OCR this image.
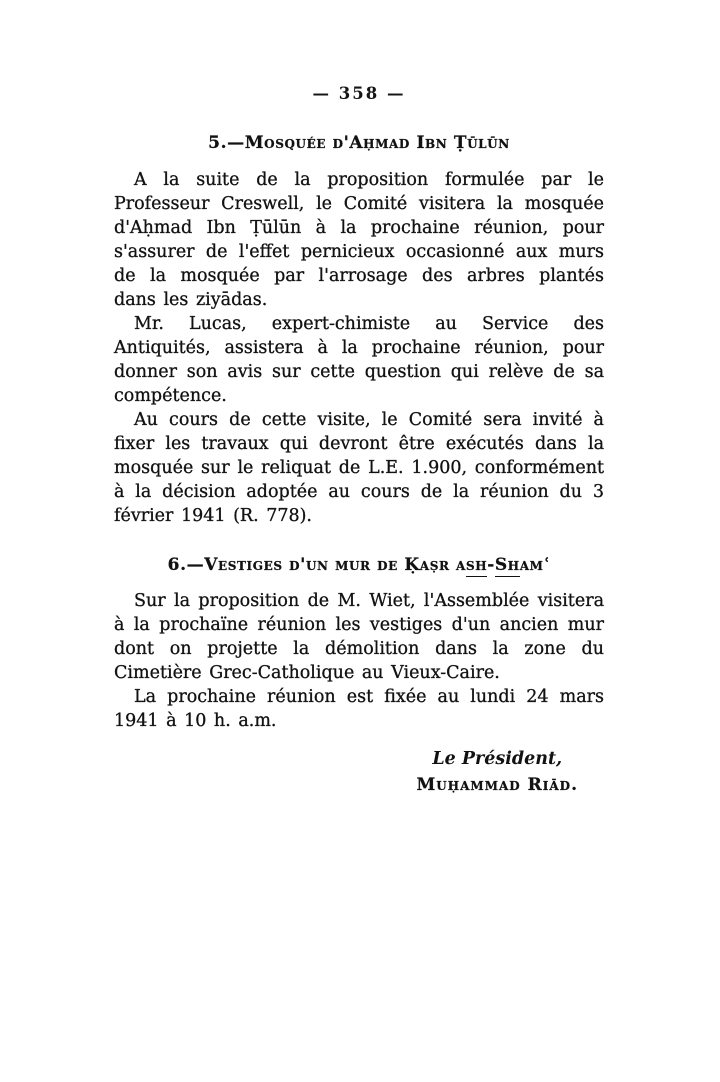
— 358 —
5.—Mosquée d'Aḥmad Ibn Ṭūlūn

A la suite de la proposition formulée par le Professeur Creswell, le Comité visitera la mosquée d'Aḥmad Ibn Ṭūlūn à la prochaine réunion, pour s'assurer de l'effet pernicieux occasionné aux murs de la mosquée par l'arrosage des arbres plantés dans les ziyādas.

Mr. Lucas, expert-chimiste au Service des Antiquités, assistera à la prochaine réunion, pour donner son avis sur cette question qui relève de sa compétence.

Au cours de cette visite, le Comité sera invité à fixer les travaux qui devront être exécutés dans la mosquée sur le reliquat de L.E. 1.900, conformément à la décision adoptée au cours de la réunion du 3 février 1941 (R. 778).

6.—Vestiges d'un mur de Ḳaṣr ash-Shamʿ

Sur la proposition de M. Wiet, l'Assemblée visitera à la prochaïne réunion les vestiges d'un ancien mur dont on projette la démolition dans la zone du Cimetière Grec-Catholique au Vieux-Caire.

La prochaine réunion est fixée au lundi 24 mars 1941 à 10 h. a.m.

Le Président,
Muḥammad Riād.
